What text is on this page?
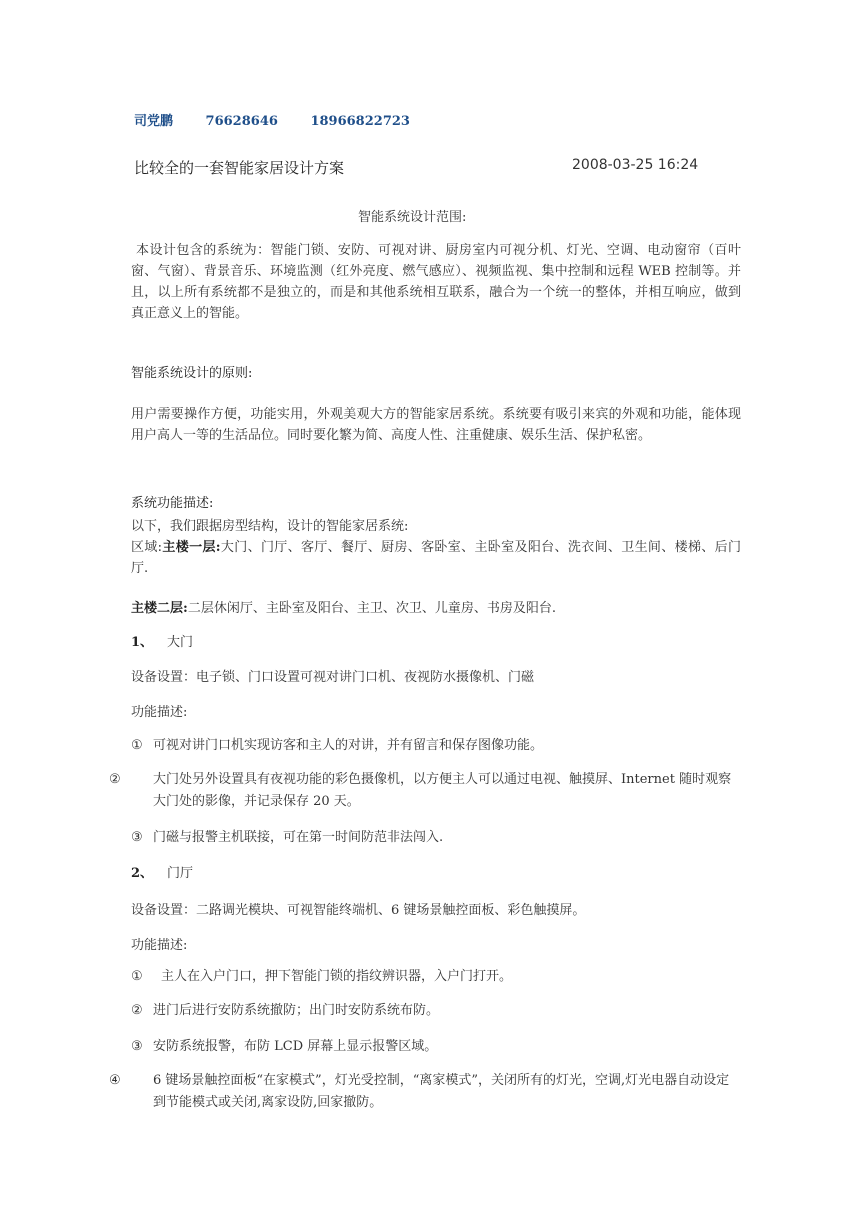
司党鹏	76628646	18966822723
比较全的一套智能家居设计方案	2008-03-25 16:24
智能系统设计范围:
本设计包含的系统为：智能门锁、安防、可视对讲、厨房室内可视分机、灯光、空调、电动窗帘（百叶窗、气窗）、背景音乐、环境监测（红外亮度、燃气感应）、视频监视、集中控制和远程 WEB 控制等。并且，以上所有系统都不是独立的，而是和其他系统相互联系，融合为一个统一的整体，并相互响应，做到真正意义上的智能。
智能系统设计的原则:
用户需要操作方便，功能实用，外观美观大方的智能家居系统。系统要有吸引来宾的外观和功能，能体现用户高人一等的生活品位。同时要化繁为简、高度人性、注重健康、娱乐生活、保护私密。
系统功能描述:
以下，我们跟据房型结构，设计的智能家居系统:
区域:主楼一层:大门、门厅、客厅、餐厅、厨房、客卧室、主卧室及阳台、洗衣间、卫生间、楼梯、后门厅.
主楼二层:二层休闲厅、主卧室及阳台、主卫、次卫、儿童房、书房及阳台.
1、 大门
设备设置：电子锁、门口设置可视对讲门口机、夜视防水摄像机、门磁
功能描述:
① 可视对讲门口机实现访客和主人的对讲，并有留言和保存图像功能。
② 大门处另外设置具有夜视功能的彩色摄像机，以方便主人可以通过电视、触摸屏、Internet 随时观察大门处的影像，并记录保存 20 天。
③ 门磁与报警主机联接，可在第一时间防范非法闯入.
2、 门厅
设备设置：二路调光模块、可视智能终端机、6 键场景触控面板、彩色触摸屏。
功能描述:
① 主人在入户门口，押下智能门锁的指纹辨识器，入户门打开。
② 进门后进行安防系统撤防；出门时安防系统布防。
③ 安防系统报警，布防 LCD 屏幕上显示报警区域。
④ 6 键场景触控面板“在家模式”，灯光受控制，“离家模式”，关闭所有的灯光，空调,灯光电器自动设定到节能模式或关闭,离家设防,回家撤防。
